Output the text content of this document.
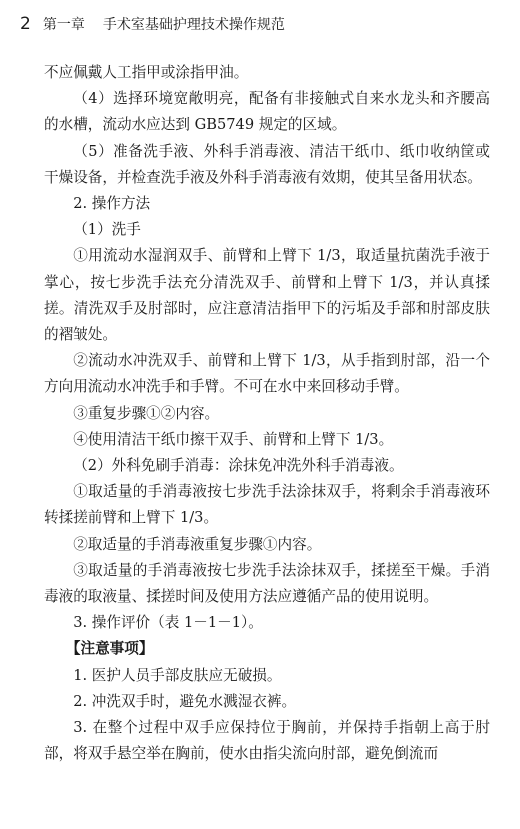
2 第一章 手术室基础护理技术操作规范

不应佩戴人工指甲或涂指甲油。

（4）选择环境宽敞明亮，配备有非接触式自来水龙头和齐腰高的水槽，流动水应达到 GB5749 规定的区域。

（5）准备洗手液、外科手消毒液、清洁干纸巾、纸巾收纳筐或干燥设备，并检查洗手液及外科手消毒液有效期，使其呈备用状态。

2. 操作方法

（1）洗手

①用流动水湿润双手、前臂和上臂下 1/3，取适量抗菌洗手液于掌心，按七步洗手法充分清洗双手、前臂和上臂下 1/3，并认真揉搓。清洗双手及肘部时，应注意清洁指甲下的污垢及手部和肘部皮肤的褶皱处。

②流动水冲洗双手、前臂和上臂下 1/3，从手指到肘部，沿一个方向用流动水冲洗手和手臂。不可在水中来回移动手臂。

③重复步骤①②内容。

④使用清洁干纸巾擦干双手、前臂和上臂下 1/3。

（2）外科免刷手消毒：涂抹免冲洗外科手消毒液。

①取适量的手消毒液按七步洗手法涂抹双手，将剩余手消毒液环转揉搓前臂和上臂下 1/3。

②取适量的手消毒液重复步骤①内容。

③取适量的手消毒液按七步洗手法涂抹双手，揉搓至干燥。手消毒液的取液量、揉搓时间及使用方法应遵循产品的使用说明。

3. 操作评价（表 1－1－1）。

【注意事项】

1. 医护人员手部皮肤应无破损。

2. 冲洗双手时，避免水溅湿衣裤。

3. 在整个过程中双手应保持位于胸前，并保持手指朝上高于肘部，将双手悬空举在胸前，使水由指尖流向肘部，避免倒流而
